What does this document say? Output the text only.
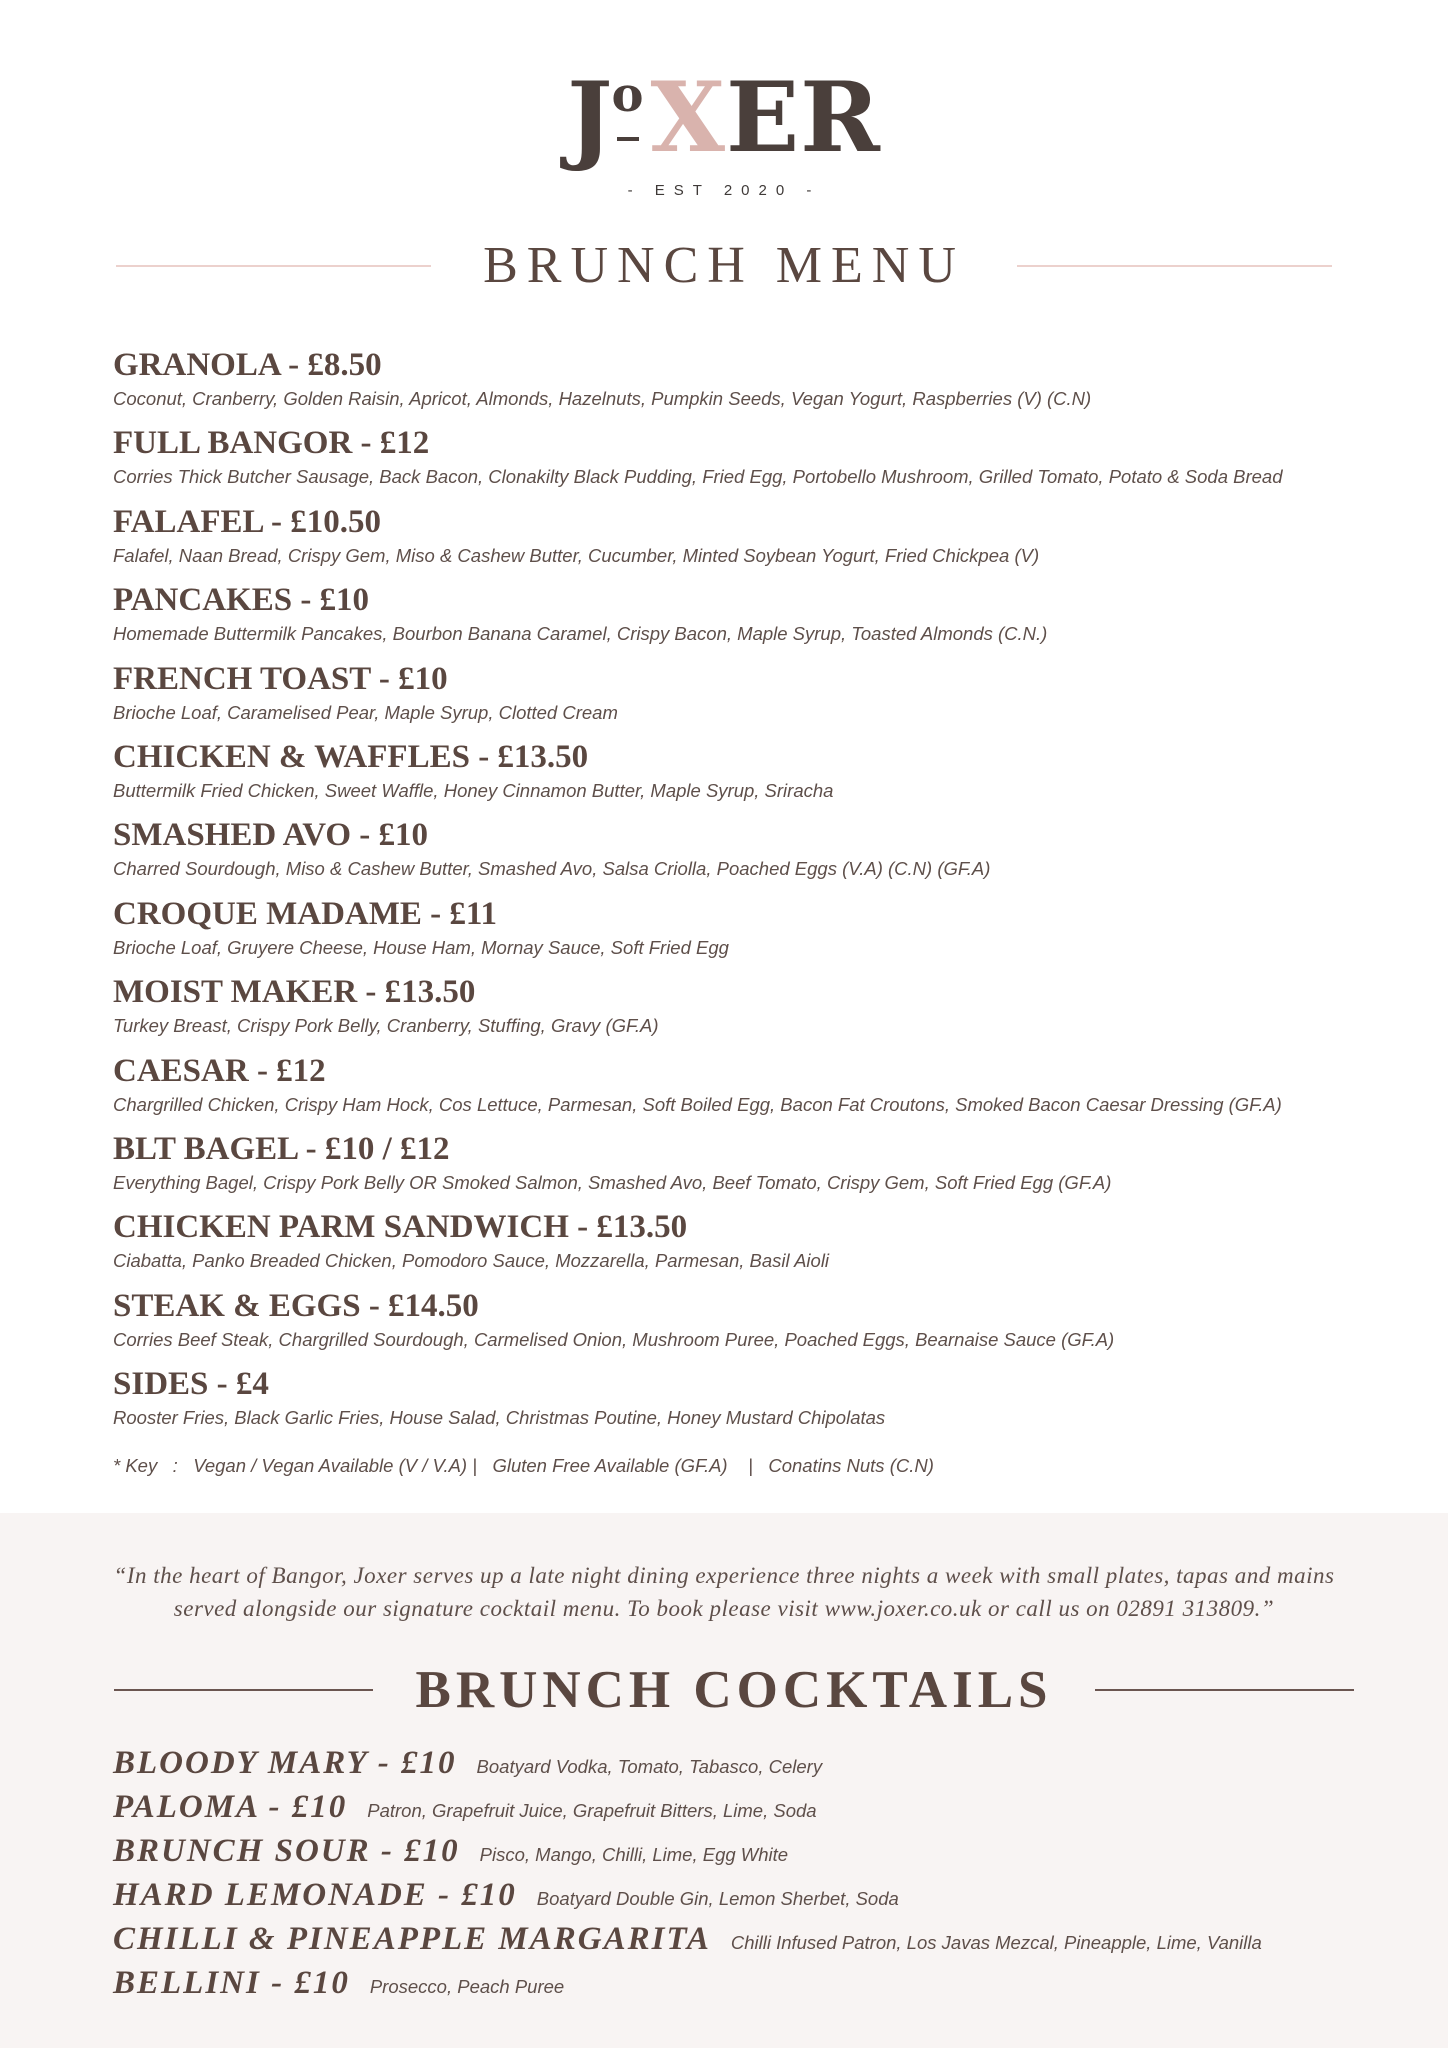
JoXER
- EST 2020 -
BRUNCH MENU
GRANOLA - £8.50
Coconut, Cranberry, Golden Raisin, Apricot, Almonds, Hazelnuts, Pumpkin Seeds, Vegan Yogurt, Raspberries (V) (C.N)
FULL BANGOR - £12
Corries Thick Butcher Sausage, Back Bacon, Clonakilty Black Pudding, Fried Egg, Portobello Mushroom, Grilled Tomato, Potato & Soda Bread
FALAFEL - £10.50
Falafel, Naan Bread, Crispy Gem, Miso & Cashew Butter, Cucumber, Minted Soybean Yogurt, Fried Chickpea (V)
PANCAKES - £10
Homemade Buttermilk Pancakes, Bourbon Banana Caramel, Crispy Bacon, Maple Syrup, Toasted Almonds (C.N.)
FRENCH TOAST - £10
Brioche Loaf, Caramelised Pear, Maple Syrup, Clotted Cream
CHICKEN & WAFFLES - £13.50
Buttermilk Fried Chicken, Sweet Waffle, Honey Cinnamon Butter, Maple Syrup, Sriracha
SMASHED AVO - £10
Charred Sourdough, Miso & Cashew Butter, Smashed Avo, Salsa Criolla, Poached Eggs (V.A) (C.N) (GF.A)
CROQUE MADAME - £11
Brioche Loaf, Gruyere Cheese, House Ham, Mornay Sauce, Soft Fried Egg
MOIST MAKER - £13.50
Turkey Breast, Crispy Pork Belly, Cranberry, Stuffing, Gravy (GF.A)
CAESAR - £12
Chargrilled Chicken, Crispy Ham Hock, Cos Lettuce, Parmesan, Soft Boiled Egg, Bacon Fat Croutons, Smoked Bacon Caesar Dressing (GF.A)
BLT BAGEL - £10 / £12
Everything Bagel, Crispy Pork Belly OR Smoked Salmon, Smashed Avo, Beef Tomato, Crispy Gem, Soft Fried Egg (GF.A)
CHICKEN PARM SANDWICH - £13.50
Ciabatta, Panko Breaded Chicken, Pomodoro Sauce, Mozzarella, Parmesan, Basil Aioli
STEAK & EGGS - £14.50
Corries Beef Steak, Chargrilled Sourdough, Carmelised Onion, Mushroom Puree, Poached Eggs, Bearnaise Sauce (GF.A)
SIDES - £4
Rooster Fries, Black Garlic Fries, House Salad, Christmas Poutine, Honey Mustard Chipolatas
* Key   :   Vegan / Vegan Available (V / V.A) |   Gluten Free Available (GF.A)    |   Conatins Nuts (C.N)
“In the heart of Bangor, Joxer serves up a late night dining experience three nights a week with small plates, tapas and mains
served alongside our signature cocktail menu. To book please visit www.joxer.co.uk or call us on 02891 313809.”
BRUNCH COCKTAILS
BLOODY MARY - £10 Boatyard Vodka, Tomato, Tabasco, Celery
PALOMA - £10 Patron, Grapefruit Juice, Grapefruit Bitters, Lime, Soda
BRUNCH SOUR - £10 Pisco, Mango, Chilli, Lime, Egg White
HARD LEMONADE - £10 Boatyard Double Gin, Lemon Sherbet, Soda
CHILLI & PINEAPPLE MARGARITA Chilli Infused Patron, Los Javas Mezcal, Pineapple, Lime, Vanilla
BELLINI - £10 Prosecco, Peach Puree
